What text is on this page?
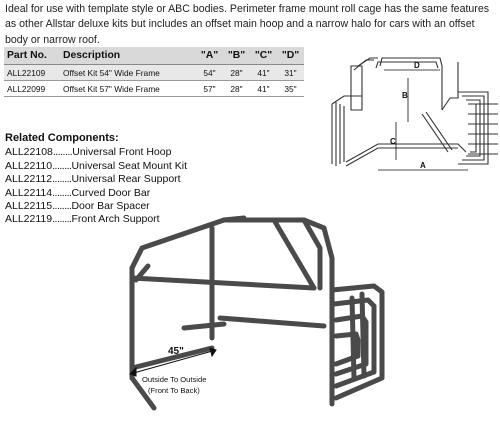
Ideal for use with template style or ABC bodies. Perimeter frame mount roll cage has the same features as other Allstar deluxe kits but includes an offset main hoop and a narrow halo for cars with an offset body or narrow roof.
Part No.	Description	"A"	"B"	"C"	"D"
ALL22109	Offset Kit 54" Wide Frame	54"	28"	41"	31"
ALL22099	Offset Kit 57" Wide Frame	57"	28"	41"	35"
Related Components:
ALL22108........Universal Front Hoop
ALL22110........Universal Seat Mount Kit
ALL22112........Universal Rear Support
ALL22114........Curved Door Bar
ALL22115........Door Bar Spacer
ALL22119........Front Arch Support
D
B
C
A
45"
Outside To Outside
(Front To Back)
